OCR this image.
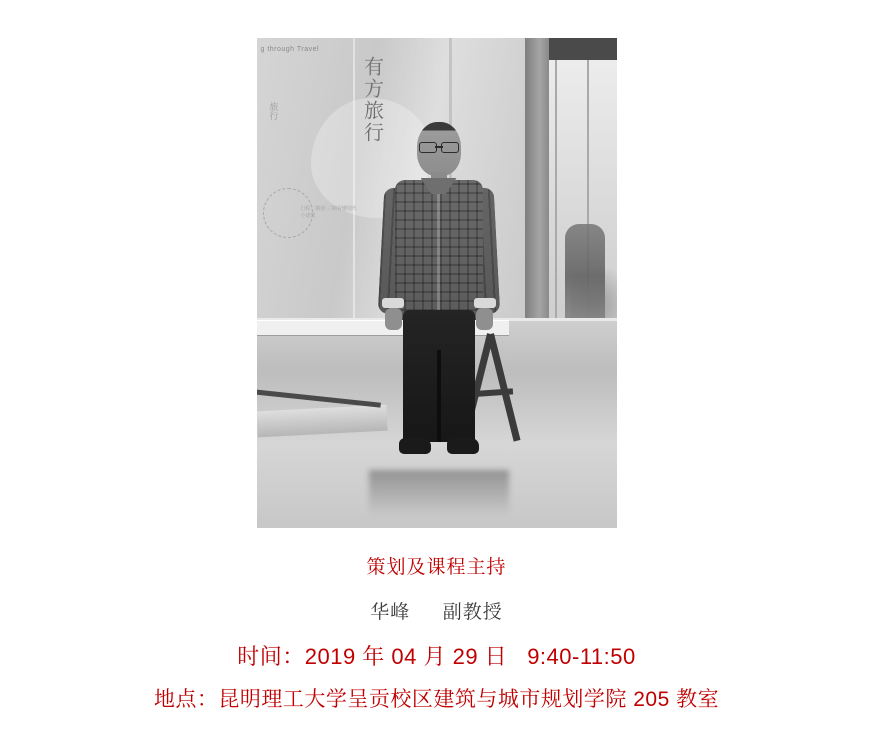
g through Travel
旅行	有方旅行
行程二期团 三期看懂现代小建筑
策划及课程主持
华峰 副教授
时间：2019 年 04 月 29 日 9:40-11:50
地点：昆明理工大学呈贡校区建筑与城市规划学院 205 教室
